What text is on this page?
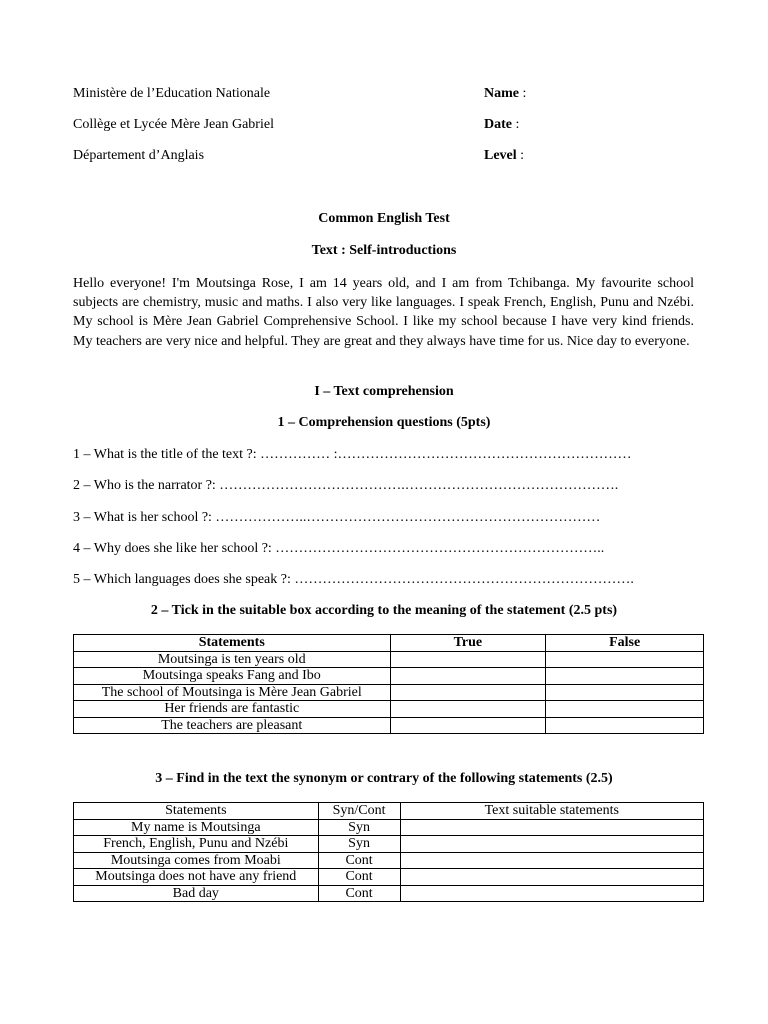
Ministère de l’Education Nationale
Collège et Lycée Mère Jean Gabriel
Département d’Anglais
Name :
Date :
Level :
Common English Test
Text : Self-introductions
Hello everyone! I'm Moutsinga Rose, I am 14 years old, and I am from Tchibanga. My favourite school subjects are chemistry, music and maths. I also very like languages. I speak French, English, Punu and Nzébi. My school is Mère Jean Gabriel Comprehensive School. I like my school because I have very kind friends. My teachers are very nice and helpful. They are great and they always have time for us. Nice day to everyone.
I – Text comprehension
1 – Comprehension questions (5pts)
1 – What is the title of the text ?: …………… :………………………………………………………
2 – Who is the narrator ?: ………………………………….……………………………………….
3 – What is her school ?: ………………..………………………………………………………
4 – Why does she like her school ?: ……………………………………………………………..
5 – Which languages does she speak ?: ……………………………………………………………….
2 – Tick in the suitable box according to the meaning of the statement (2.5 pts)
Statements	True	False
Moutsinga is ten years old		
Moutsinga speaks Fang and Ibo		
The school of Moutsinga is Mère Jean Gabriel		
Her friends are fantastic		
The teachers are pleasant		
3 – Find in the text the synonym or contrary of the following statements (2.5)
Statements	Syn/Cont	Text suitable statements
My name is Moutsinga	Syn	
French, English, Punu and Nzébi	Syn	
Moutsinga comes from Moabi	Cont	
Moutsinga does not have any friend	Cont	
Bad day	Cont	
